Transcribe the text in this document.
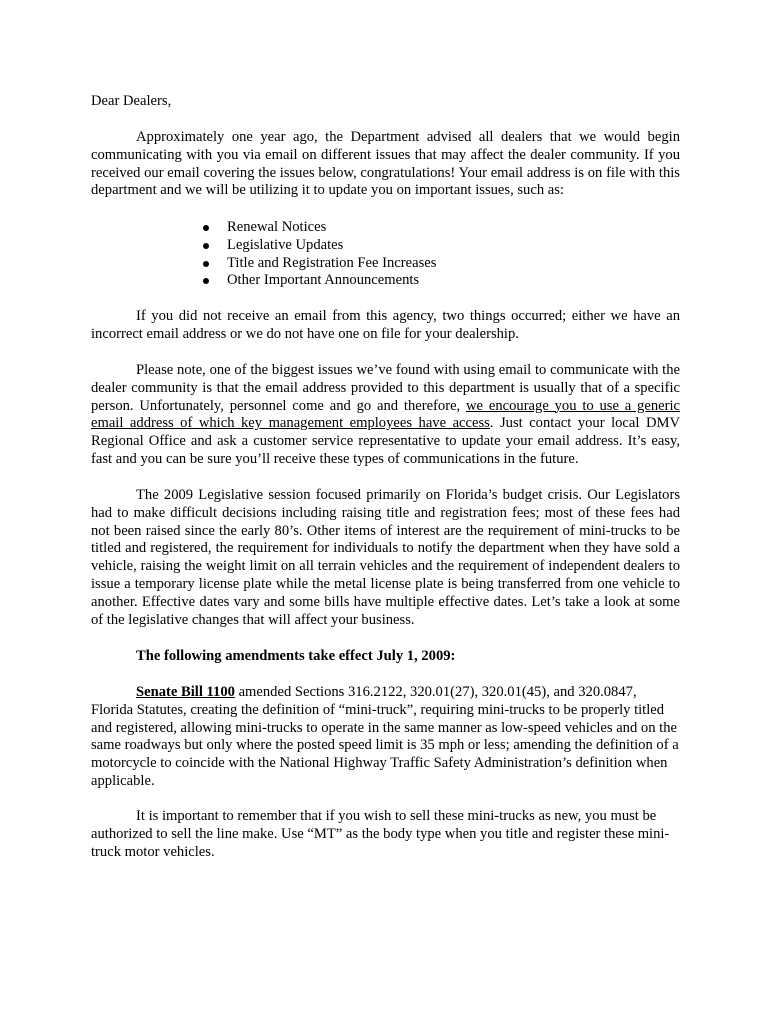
Dear Dealers,

Approximately one year ago, the Department advised all dealers that we would begin communicating with you via email on different issues that may affect the dealer community. If you received our email covering the issues below, congratulations! Your email address is on file with this department and we will be utilizing it to update you on important issues, such as:

Renewal Notices
Legislative Updates
Title and Registration Fee Increases
Other Important Announcements

If you did not receive an email from this agency, two things occurred; either we have an incorrect email address or we do not have one on file for your dealership.

Please note, one of the biggest issues we’ve found with using email to communicate with the dealer community is that the email address provided to this department is usually that of a specific person. Unfortunately, personnel come and go and therefore, we encourage you to use a generic email address of which key management employees have access. Just contact your local DMV Regional Office and ask a customer service representative to update your email address. It’s easy, fast and you can be sure you’ll receive these types of communications in the future.

The 2009 Legislative session focused primarily on Florida’s budget crisis. Our Legislators had to make difficult decisions including raising title and registration fees; most of these fees had not been raised since the early 80’s. Other items of interest are the requirement of mini-trucks to be titled and registered, the requirement for individuals to notify the department when they have sold a vehicle, raising the weight limit on all terrain vehicles and the requirement of independent dealers to issue a temporary license plate while the metal license plate is being transferred from one vehicle to another. Effective dates vary and some bills have multiple effective dates. Let’s take a look at some of the legislative changes that will affect your business.

The following amendments take effect July 1, 2009:

Senate Bill 1100 amended Sections 316.2122, 320.01(27), 320.01(45), and 320.0847, Florida Statutes, creating the definition of “mini-truck”, requiring mini-trucks to be properly titled and registered, allowing mini-trucks to operate in the same manner as low-speed vehicles and on the same roadways but only where the posted speed limit is 35 mph or less; amending the definition of a motorcycle to coincide with the National Highway Traffic Safety Administration’s definition when applicable.

It is important to remember that if you wish to sell these mini-trucks as new, you must be authorized to sell the line make. Use “MT” as the body type when you title and register these mini-truck motor vehicles.
